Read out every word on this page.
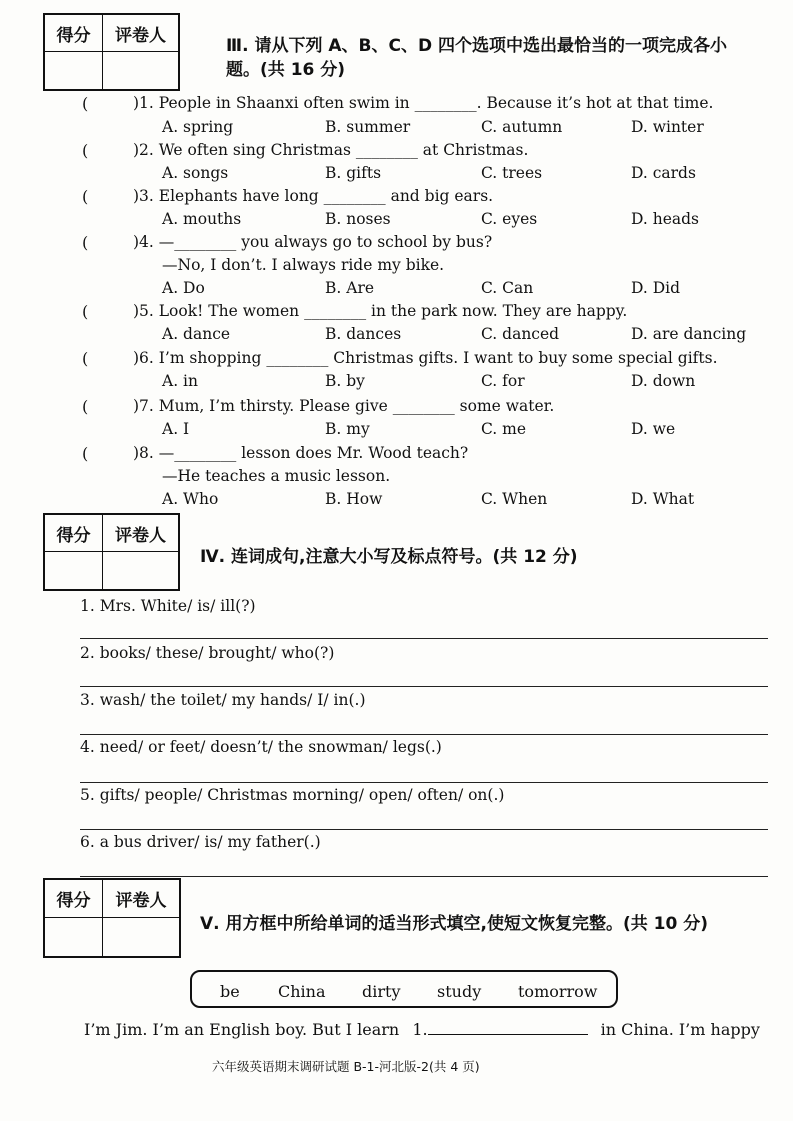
得分	评卷人
Ⅲ. 请从下列 A、B、C、D 四个选项中选出最恰当的一项完成各小
题。(共 16 分)
(	)1. People in Shaanxi often swim in ________. Because it’s hot at that time.
A. spring	B. summer	C. autumn	D. winter
(	)2. We often sing Christmas ________ at Christmas.
A. songs	B. gifts	C. trees	D. cards
(	)3. Elephants have long ________ and big ears.
A. mouths	B. noses	C. eyes	D. heads
(	)4. —________ you always go to school by bus?
—No, I don’t. I always ride my bike.
A. Do	B. Are	C. Can	D. Did
(	)5. Look! The women ________ in the park now. They are happy.
A. dance	B. dances	C. danced	D. are dancing
(	)6. I’m shopping ________ Christmas gifts. I want to buy some special gifts.
A. in	B. by	C. for	D. down
(	)7. Mum, I’m thirsty. Please give ________ some water.
A. I	B. my	C. me	D. we
(	)8. —________ lesson does Mr. Wood teach?
—He teaches a music lesson.
A. Who	B. How	C. When	D. What
得分	评卷人
Ⅳ. 连词成句,注意大小写及标点符号。(共 12 分)
1. Mrs. White/ is/ ill(?)
2. books/ these/ brought/ who(?)
3. wash/ the toilet/ my hands/ I/ in(.)
4. need/ or feet/ doesn’t/ the snowman/ legs(.)
5. gifts/ people/ Christmas morning/ open/ often/ on(.)
6. a bus driver/ is/ my father(.)
得分	评卷人
Ⅴ. 用方框中所给单词的适当形式填空,使短文恢复完整。(共 10 分)
be China dirty study tomorrow
I’m Jim. I’m an English boy. But I learn 1.	in China. I’m happy
六年级英语期末调研试题 B-1-河北版-2(共 4 页)
